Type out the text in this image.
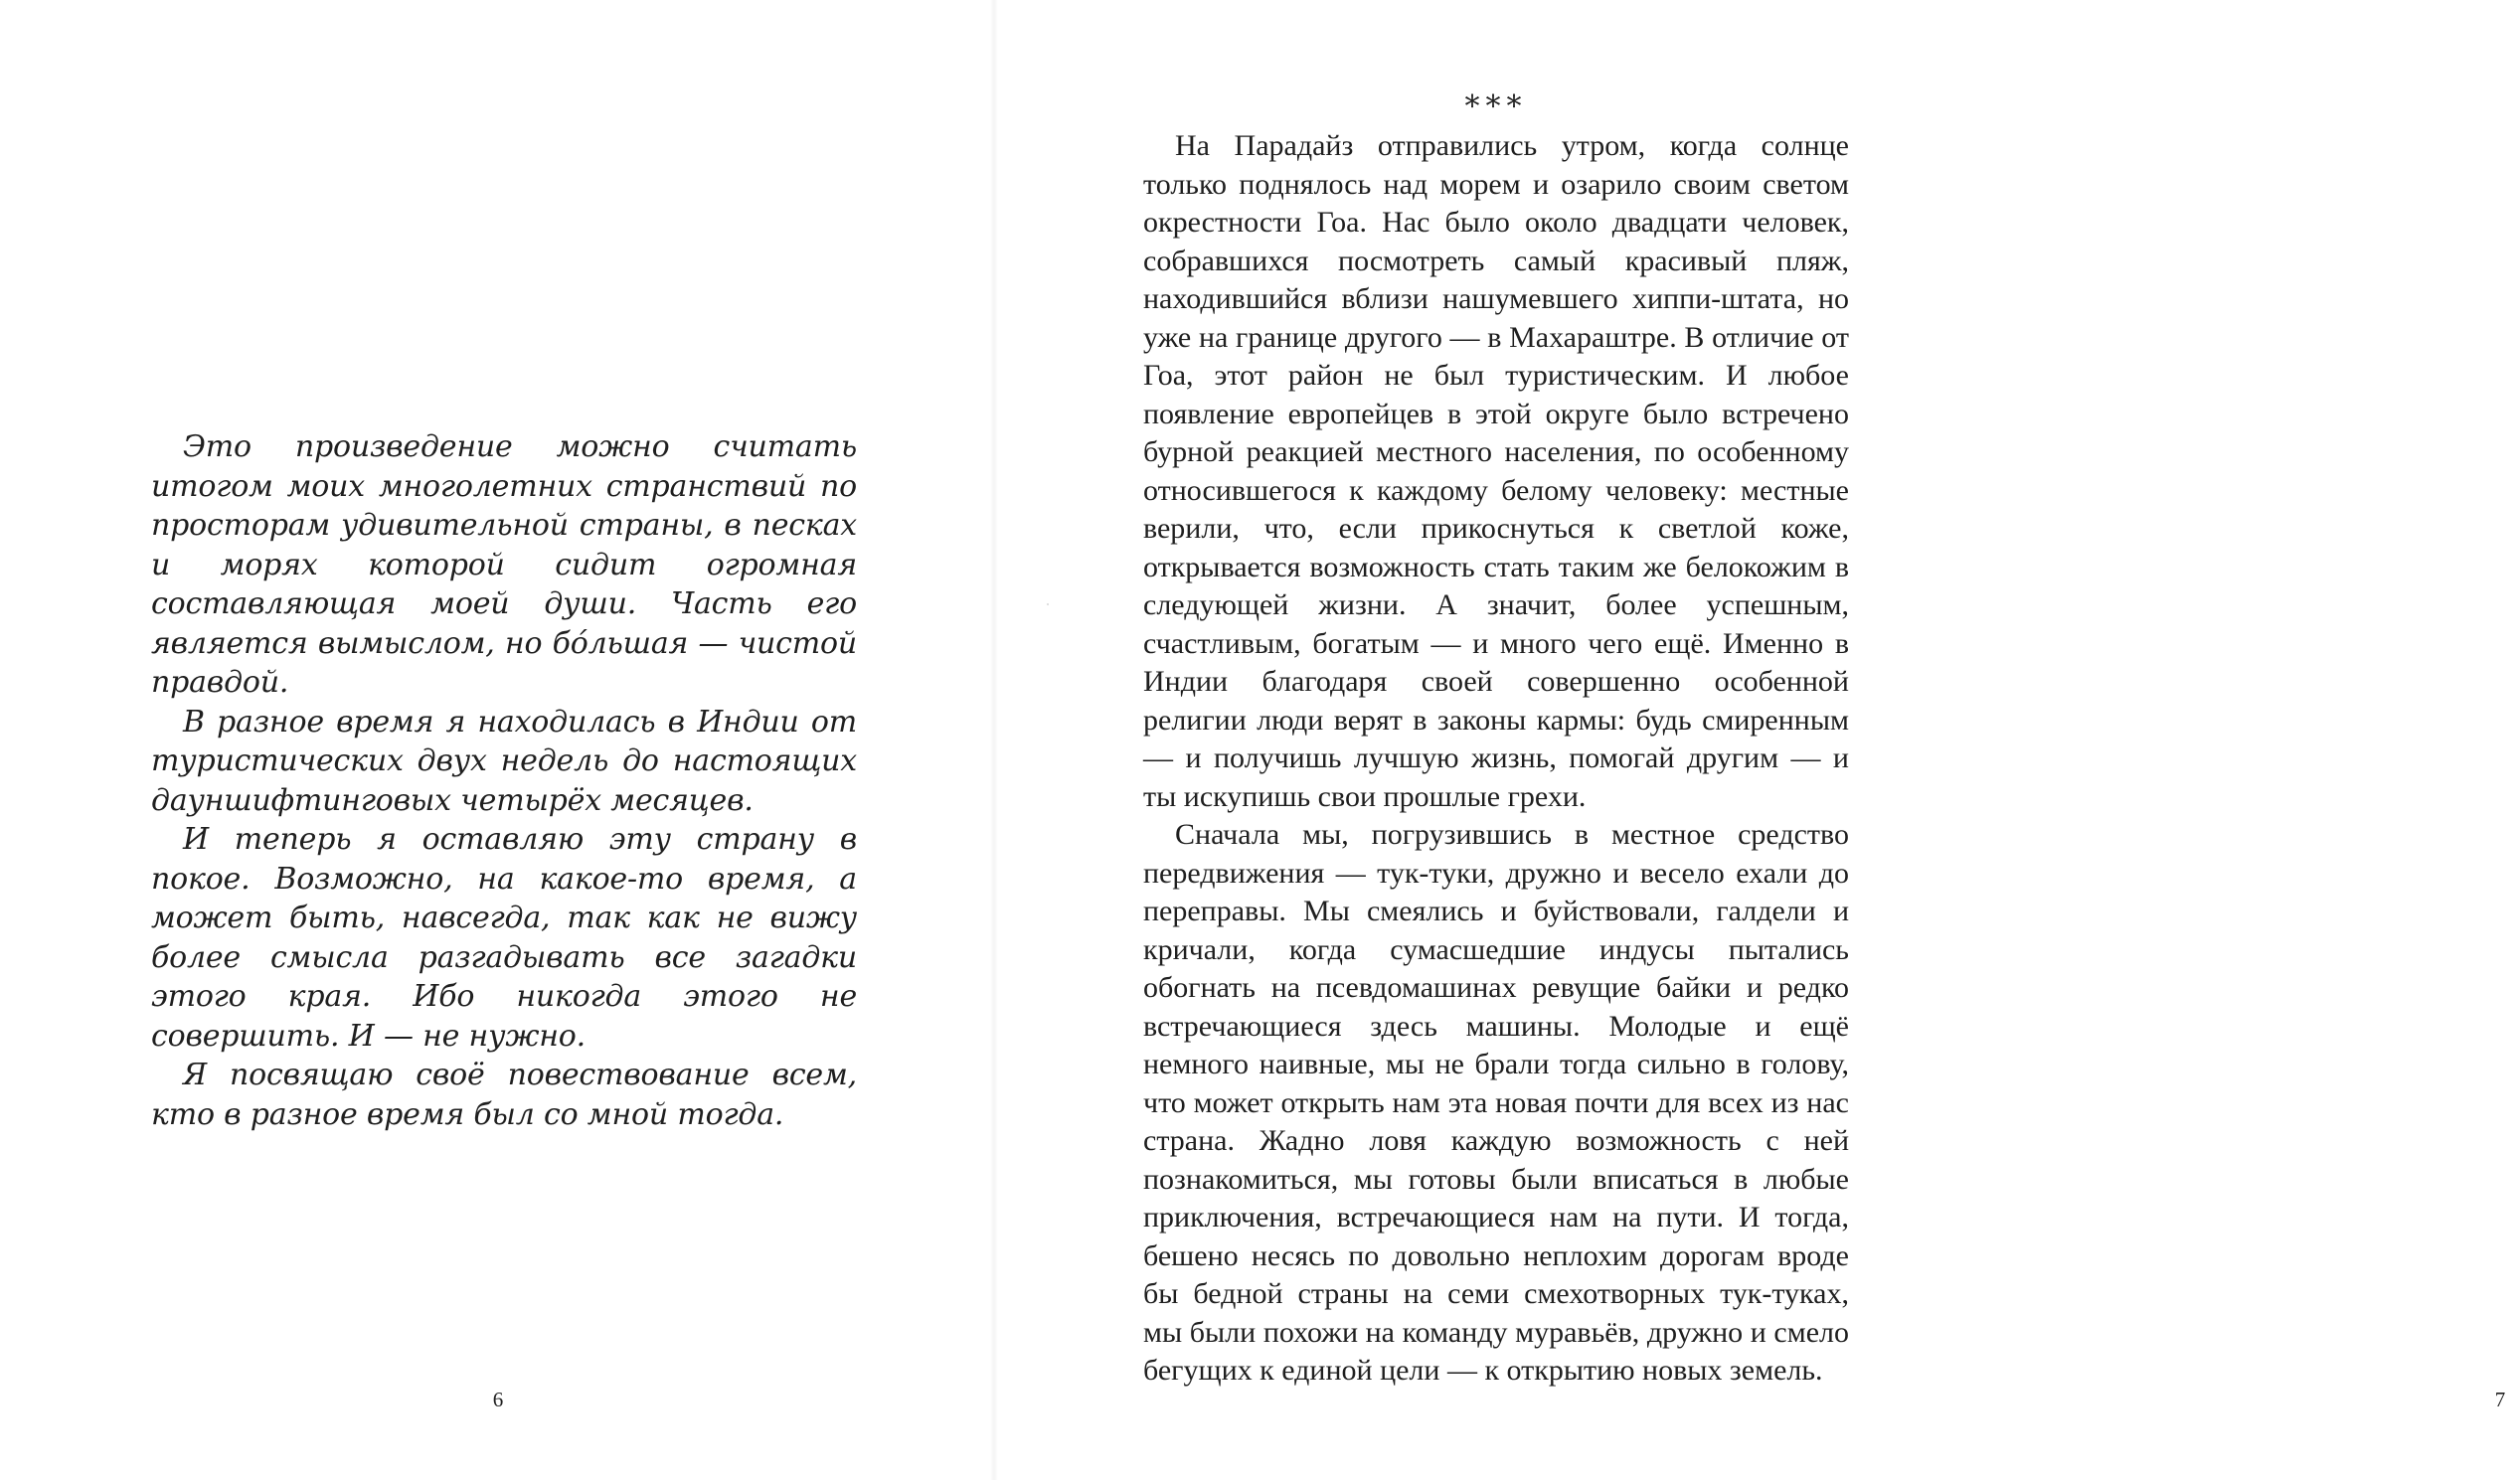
Это произведение можно считать итогом моих многолетних странствий по просторам удивительной страны, в песках и морях которой сидит огромная составляющая моей души. Часть его является вымыслом, но бóльшая — чистой правдой.

В разное время я находилась в Индии от туристических двух недель до настоящих дауншифтинговых четырёх месяцев.

И теперь я оставляю эту страну в покое. Возможно, на какое-то время, а может быть, навсегда, так как не вижу более смысла разгадывать все загадки этого края. Ибо никогда этого не совершить. И — не нужно.

Я посвящаю своё повествование всем, кто в разное время был со мной тогда.

6	7
***

На Парадайз отправились утром, когда солнце только поднялось над морем и озарило своим светом окрестности Гоа. Нас было около двадцати человек, собравшихся посмотреть самый красивый пляж, находившийся вблизи нашумевшего хиппи-штата, но уже на границе другого — в Махараштре. В отличие от Гоа, этот район не был туристическим. И любое появление европейцев в этой округе было встречено бурной реакцией местного населения, по особенному относившегося к каждому белому человеку: местные верили, что, если прикоснуться к светлой коже, открывается возможность стать таким же белокожим в следующей жизни. А значит, более успешным, счастливым, богатым — и много чего ещё. Именно в Индии благодаря своей совершенно особенной религии люди верят в законы кармы: будь смиренным — и получишь лучшую жизнь, помогай другим — и ты искупишь свои прошлые грехи.

Сначала мы, погрузившись в местное средство передвижения — тук-туки, дружно и весело ехали до переправы. Мы смеялись и буйствовали, галдели и кричали, когда сумасшедшие индусы пытались обогнать на псевдомашинах ревущие байки и редко встречающиеся здесь машины. Молодые и ещё немного наивные, мы не брали тогда сильно в голову, что может открыть нам эта новая почти для всех из нас страна. Жадно ловя каждую возможность с ней познакомиться, мы готовы были вписаться в любые приключения, встречающиеся нам на пути. И тогда, бешено несясь по довольно неплохим дорогам вроде бы бедной страны на семи смехотворных тук-туках, мы были похожи на команду муравьёв, дружно и смело бегущих к единой цели — к открытию новых земель.
